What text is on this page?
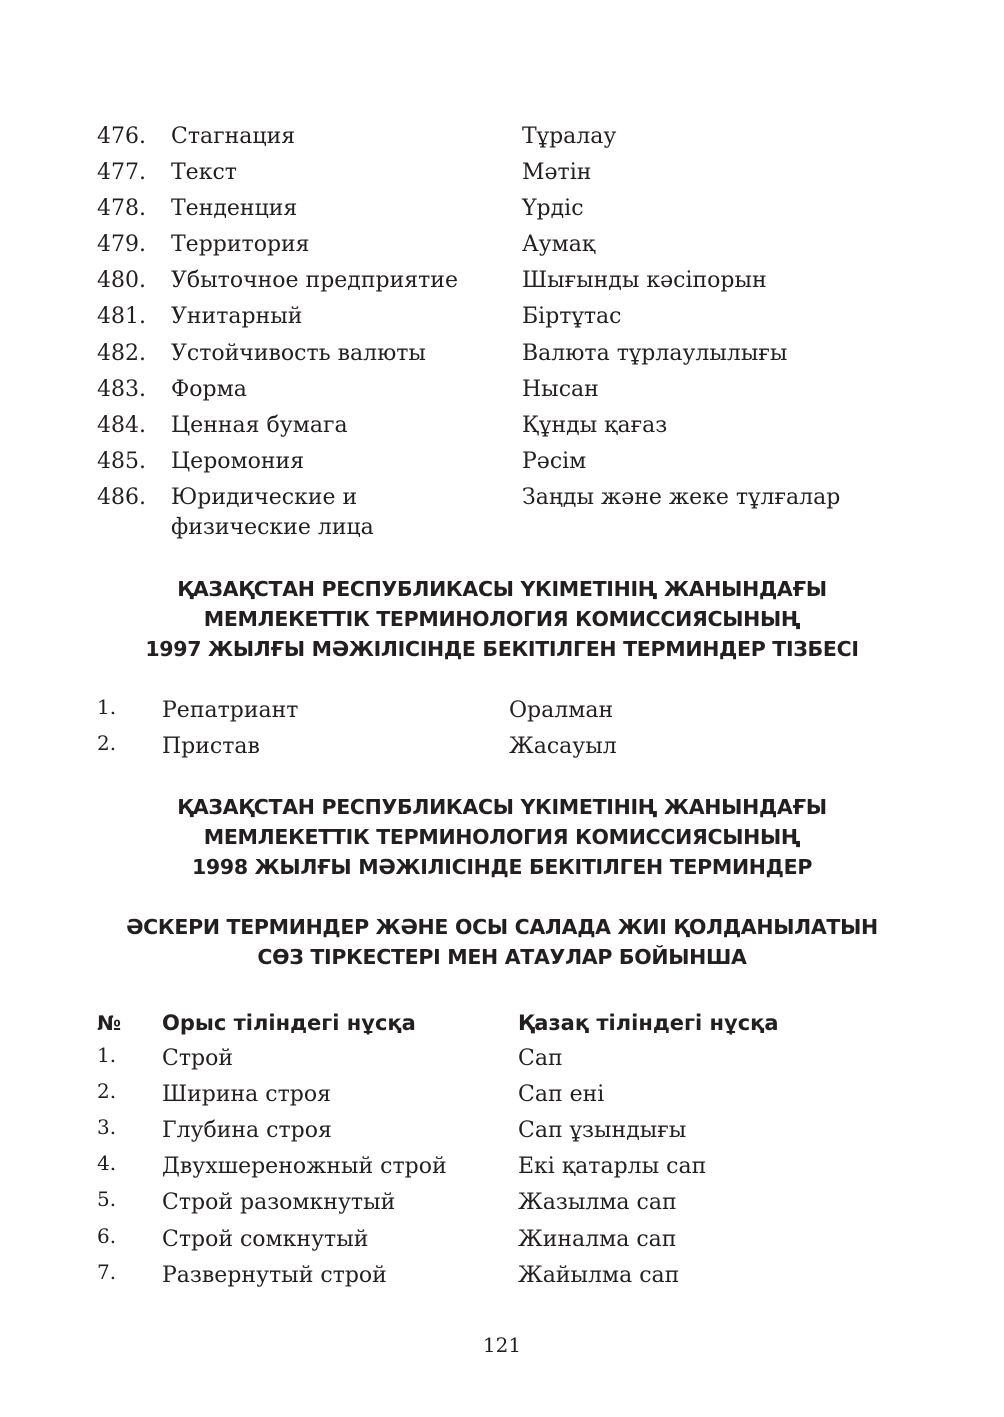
476. Стагнация	Тұралау
477. Текст	Мәтін
478. Тенденция	Үрдіс
479. Территория	Аумақ
480. Убыточное предприятие	Шығынды кәсіпорын
481. Унитарный	Біртұтас
482. Устойчивость валюты	Валюта тұрлаулылығы
483. Форма	Нысан
484. Ценная бумага	Құнды қағаз
485. Церомония	Рәсім
486. Юридические и	Заңды және жеке тұлғалар
физические лица
ҚАЗАҚСТАН РЕСПУБЛИКАСЫ ҮКІМЕТІНІҢ ЖАНЫНДАҒЫ
МЕМЛЕКЕТТІК ТЕРМИНОЛОГИЯ КОМИССИЯСЫНЫҢ
1997 ЖЫЛҒЫ МӘЖІЛІСІНДЕ БЕКІТІЛГЕН ТЕРМИНДЕР ТІЗБЕСІ
1. Репатриант	Оралман
2. Пристав	Жасауыл
ҚАЗАҚСТАН РЕСПУБЛИКАСЫ ҮКІМЕТІНІҢ ЖАНЫНДАҒЫ
МЕМЛЕКЕТТІК ТЕРМИНОЛОГИЯ КОМИССИЯСЫНЫҢ
1998 ЖЫЛҒЫ МӘЖІЛІСІНДЕ БЕКІТІЛГЕН ТЕРМИНДЕР
ӘСКЕРИ ТЕРМИНДЕР ЖӘНЕ ОСЫ САЛАДА ЖИІ ҚОЛДАНЫЛАТЫН
СӨЗ ТІРКЕСТЕРІ МЕН АТАУЛАР БОЙЫНША
№ Орыс тіліндегі нұсқа	Қазақ тіліндегі нұсқа
1. Строй	Сап
2. Ширина строя	Сап ені
3. Глубина строя	Сап ұзындығы
4. Двухшереножный строй	Екі қатарлы сап
5. Строй разомкнутый	Жазылма сап
6. Строй сомкнутый	Жиналма сап
7. Развернутый строй	Жайылма сап
121
